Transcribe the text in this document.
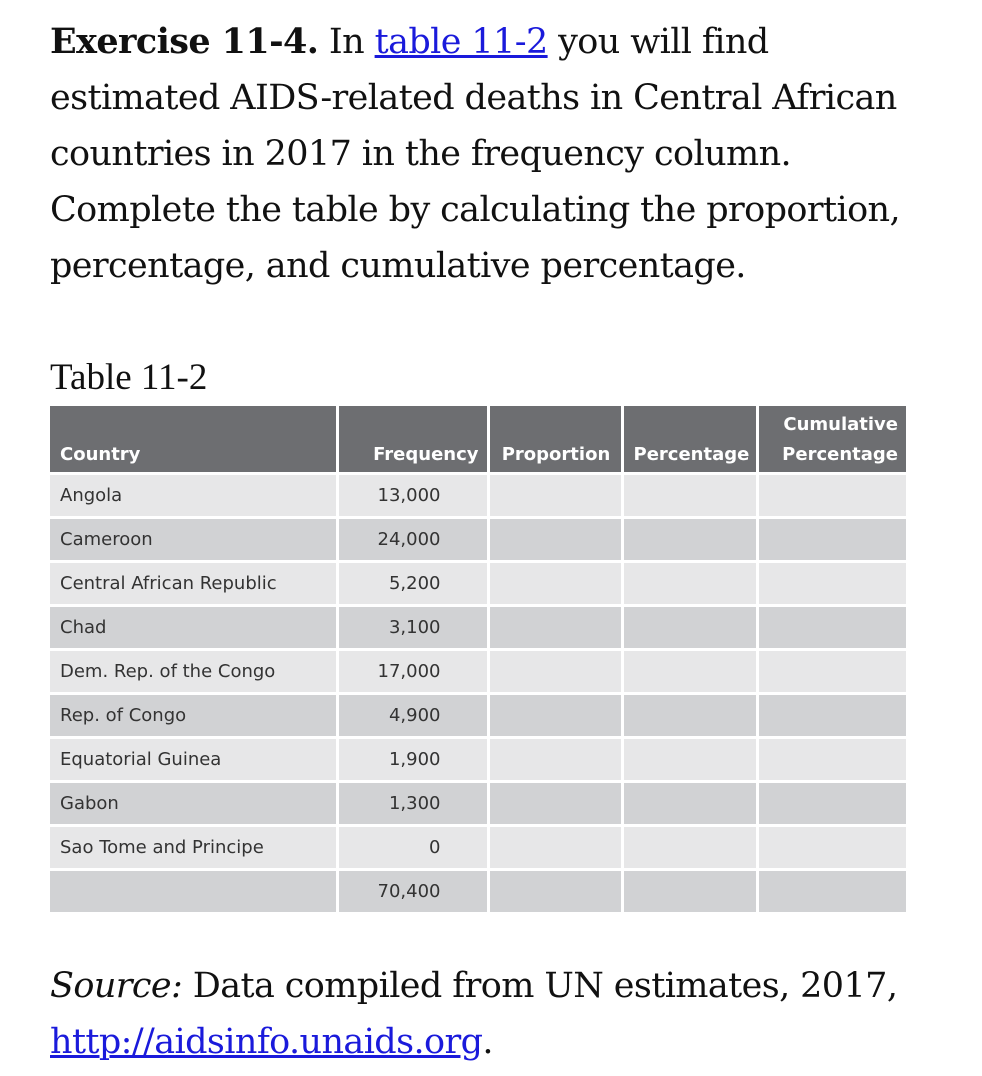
Exercise 11-4. In table 11-2 you will find estimated AIDS-related deaths in Central African countries in 2017 in the frequency column. Complete the table by calculating the proportion, percentage, and cumulative percentage.

Table 11-2

Country	Frequency	Proportion	Percentage	Cumulative
Percentage
Angola	13,000			
Cameroon	24,000			
Central African Republic	5,200			
Chad	3,100			
Dem. Rep. of the Congo	17,000			
Rep. of Congo	4,900			
Equatorial Guinea	1,900			
Gabon	1,300			
Sao Tome and Principe	0			
	70,400			

Source: Data compiled from UN estimates, 2017, http://aidsinfo.unaids.org.
